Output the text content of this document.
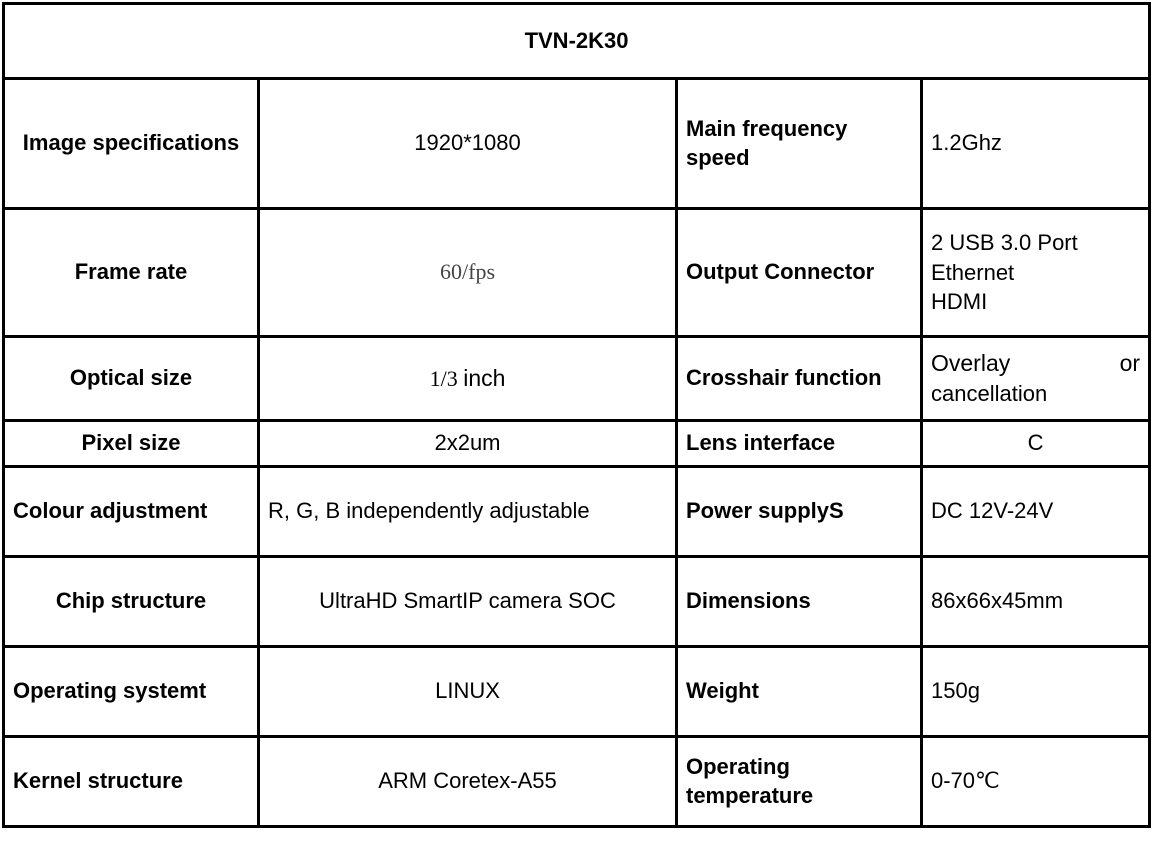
TVN-2K30			
Image specifications	1920*1080	Main frequency speed	1.2Ghz
Frame rate	60/fps	Output Connector	2 USB 3.0 Port
Ethernet
HDMI

Optical size	1/3 inch	Crosshair function	Overlay or
cancellation

Pixel size	2x2um	Lens interface	C
Colour adjustment	R, G, B independently adjustable	Power supplyS	DC 12V-24V
Chip structure	UltraHD SmartIP camera SOC	Dimensions	86x66x45mm
Operating systemt	LINUX	Weight	150g
Kernel structure	ARM Coretex-A55	Operating temperature	0-70℃
